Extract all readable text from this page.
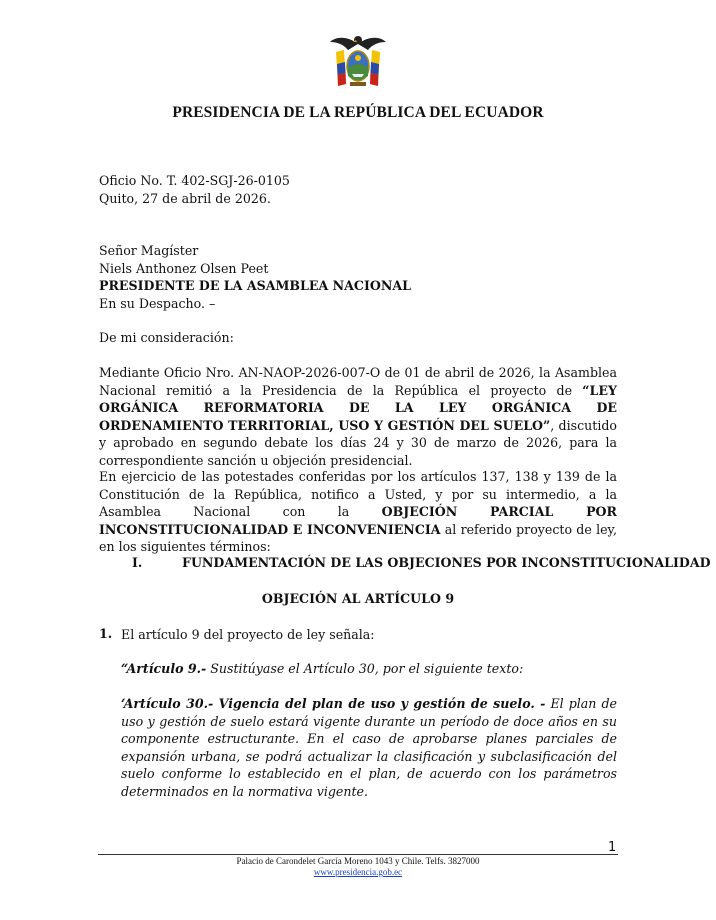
PRESIDENCIA DE LA REPÚBLICA DEL ECUADOR
Oficio No. T. 402-SGJ-26-0105
Quito, 27 de abril de 2026.
Señor Magíster
Niels Anthonez Olsen Peet
PRESIDENTE DE LA ASAMBLEA NACIONAL
En su Despacho. –
De mi consideración:
Mediante Oficio Nro. AN-NAOP-2026-007-O de 01 de abril de 2026, la Asamblea Nacional remitió a la Presidencia de la República el proyecto de “LEY ORGÁNICA REFORMATORIA DE LA LEY ORGÁNICA DE ORDENAMIENTO TERRITORIAL, USO Y GESTIÓN DEL SUELO”, discutido y aprobado en segundo debate los días 24 y 30 de marzo de 2026, para la correspondiente sanción u objeción presidencial.
En ejercicio de las potestades conferidas por los artículos 137, 138 y 139 de la Constitución de la República, notifico a Usted, y por su intermedio, a la Asamblea Nacional con la OBJECIÓN PARCIAL POR INCONSTITUCIONALIDAD E INCONVENIENCIA al referido proyecto de ley, en los siguientes términos:
I.	FUNDAMENTACIÓN DE LAS OBJECIONES POR INCONSTITUCIONALIDAD
OBJECIÓN AL ARTÍCULO 9
1. El artículo 9 del proyecto de ley señala:
“Artículo 9.- Sustitúyase el Artículo 30, por el siguiente texto:
‘Artículo 30.- Vigencia del plan de uso y gestión de suelo. - El plan de uso y gestión de suelo estará vigente durante un período de doce años en su componente estructurante. En el caso de aprobarse planes parciales de expansión urbana, se podrá actualizar la clasificación y subclasificación del suelo conforme lo establecido en el plan, de acuerdo con los parámetros determinados en la normativa vigente.
1
Palacio de Carondelet García Moreno 1043 y Chile. Telfs. 3827000
www.presidencia.gob.ec
